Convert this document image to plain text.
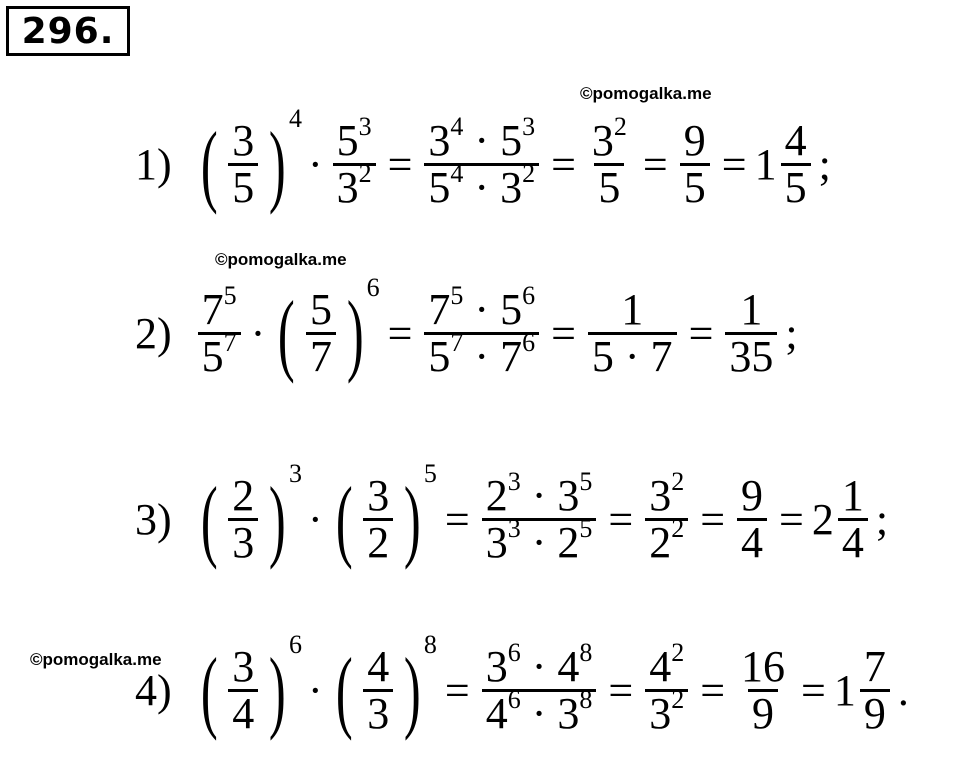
296.
©pomogalka.me
©pomogalka.me
©pomogalka.me
1) ( $\frac{3}{5}$ ) 4
· $\frac{5^3}{3^2} = \frac{3^4 \cdot 5^3}{5^4 \cdot 3^2} = \frac{3^2}{5} = \frac{9}{5} = 1 \frac{4}{5}$ ;
$2) \frac{7^5}{5^7}$ · ( $\frac{5}{7}$ ) 6
= $\frac{7^5 \cdot 5^6}{5^7 \cdot 7^6} = \frac{1}{5 \cdot 7} = \frac{1}{35}$ ;
3) ( $\frac{2}{3}$ ) 3
· ( $\frac{3}{2}$ ) 5
= $\frac{2^3 \cdot 3^5}{3^3 \cdot 2^5} = \frac{3^2}{2^2} = \frac{9}{4} = 2 \frac{1}{4}$ ;
4) ( $\frac{3}{4}$ ) 6
· ( $\frac{4}{3}$ ) 8
= $\frac{3^6 \cdot 4^8}{4^6 \cdot 3^8} = \frac{4^2}{3^2} = \frac{16}{9} = 1 \frac{7}{9}$ .
